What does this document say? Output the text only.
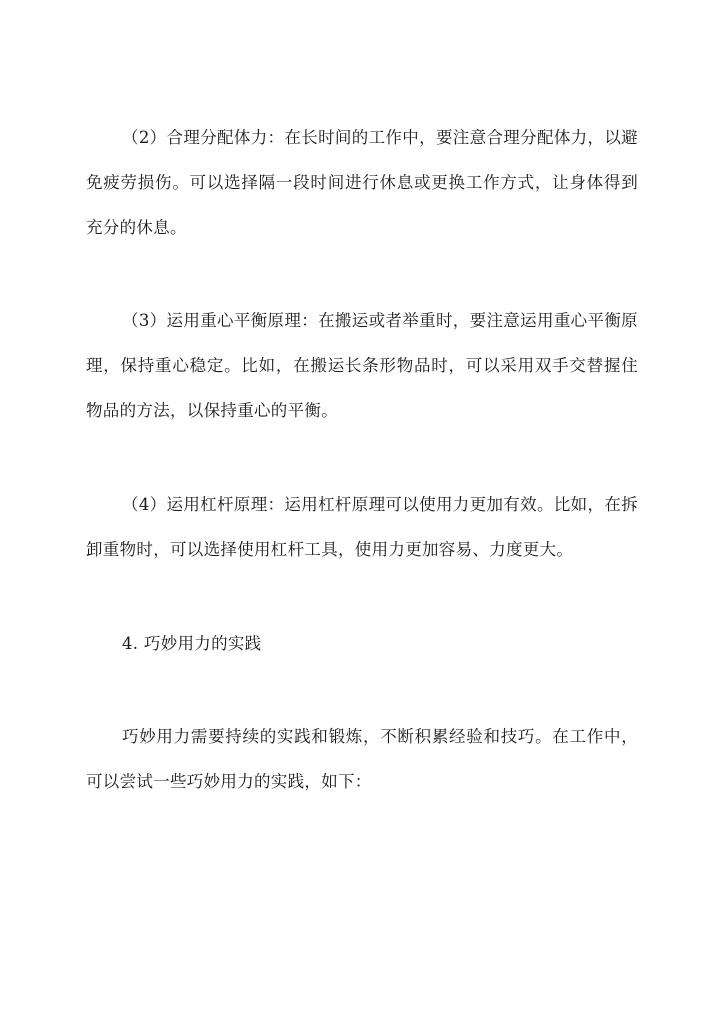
（2）合理分配体力：在长时间的工作中，要注意合理分配体力，以避免疲劳损伤。可以选择隔一段时间进行休息或更换工作方式，让身体得到充分的休息。

（3）运用重心平衡原理：在搬运或者举重时，要注意运用重心平衡原理，保持重心稳定。比如，在搬运长条形物品时，可以采用双手交替握住物品的方法，以保持重心的平衡。

（4）运用杠杆原理：运用杠杆原理可以使用力更加有效。比如，在拆卸重物时，可以选择使用杠杆工具，使用力更加容易、力度更大。

4. 巧妙用力的实践

巧妙用力需要持续的实践和锻炼，不断积累经验和技巧。在工作中，可以尝试一些巧妙用力的实践，如下：
